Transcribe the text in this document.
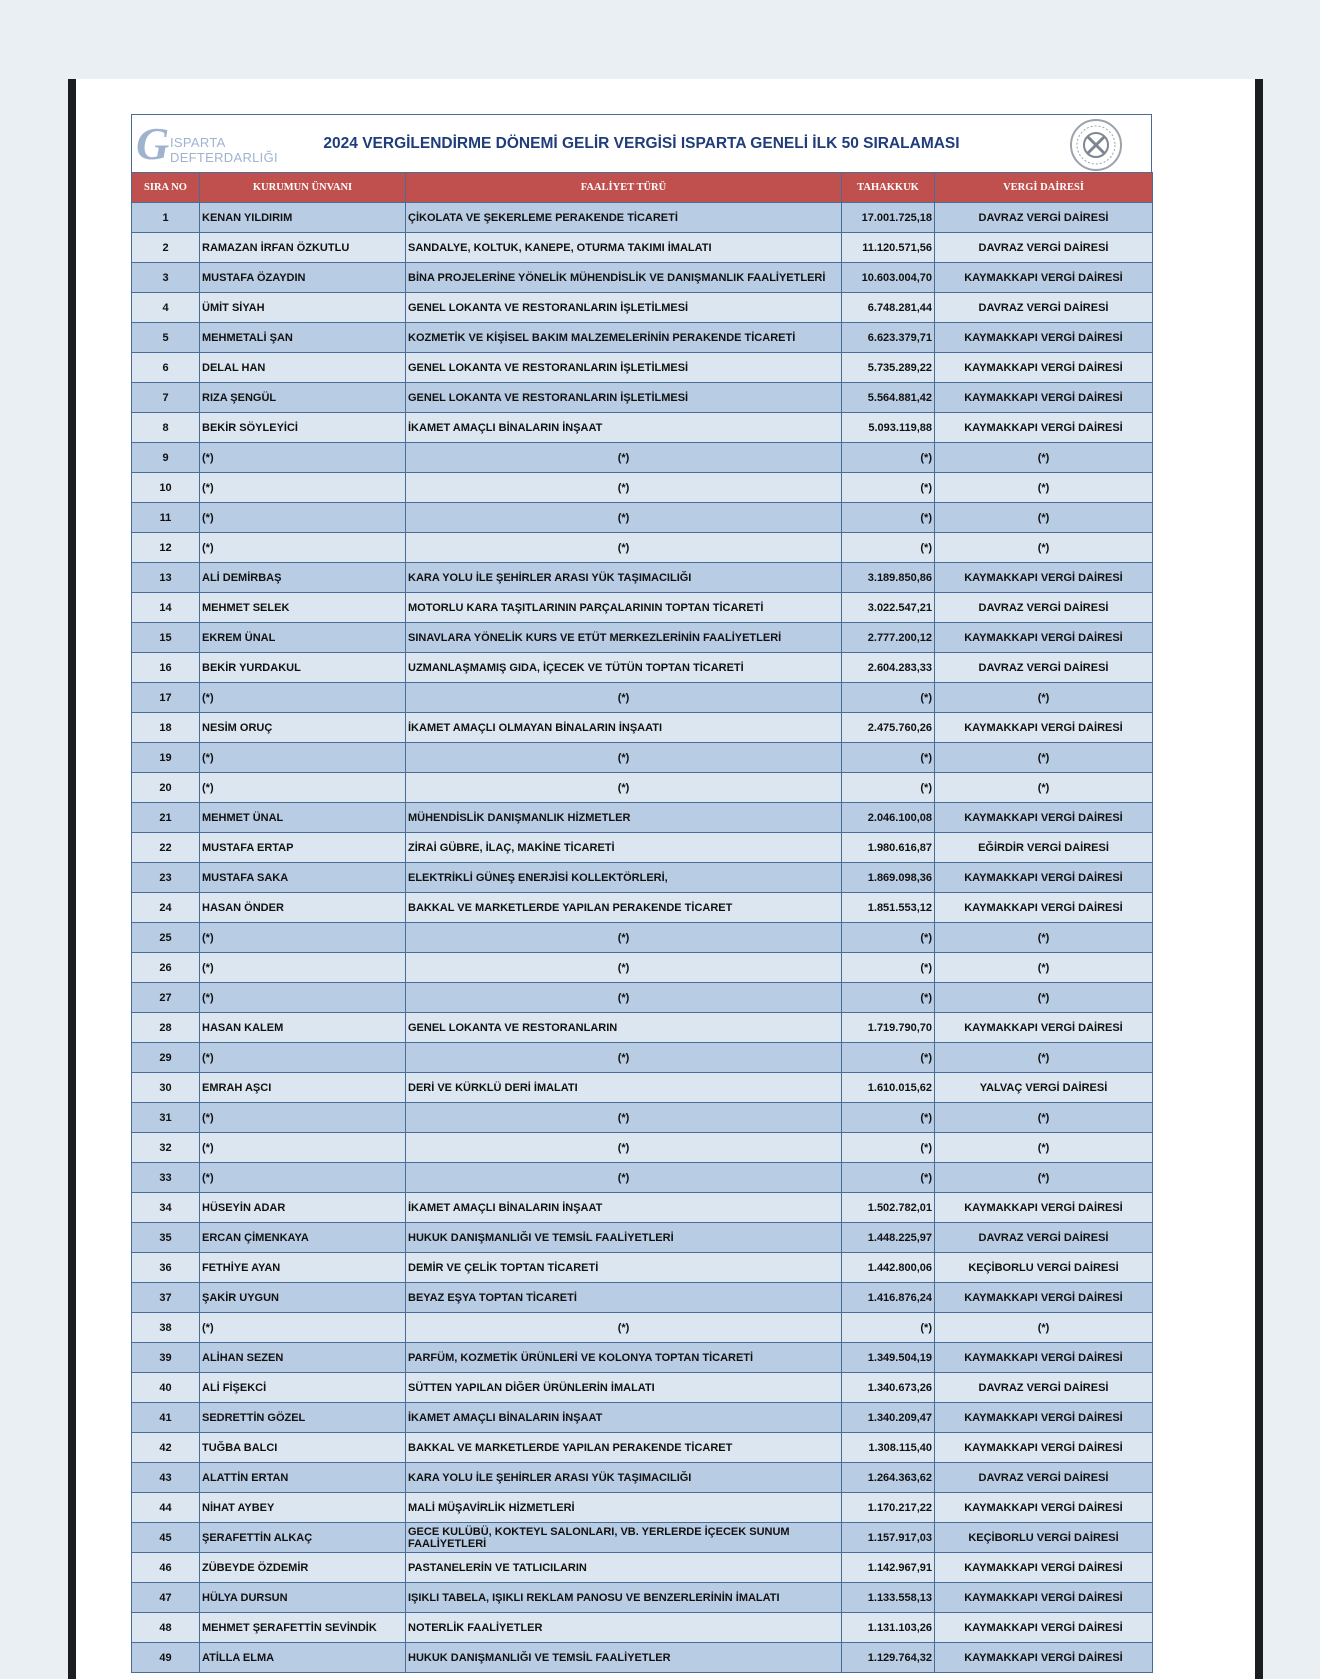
G ISPARTA
DEFTERDARLIĞI
2024 VERGİLENDİRME DÖNEMİ GELİR VERGİSİ ISPARTA GENELİ İLK 50 SIRALAMASI
SIRA NO	KURUMUN ÜNVANI	FAALİYET TÜRÜ	TAHAKKUK	VERGİ DAİRESİ
1	KENAN YILDIRIM	ÇİKOLATA VE ŞEKERLEME PERAKENDE TİCARETİ	17.001.725,18	DAVRAZ VERGİ DAİRESİ
2	RAMAZAN İRFAN ÖZKUTLU	SANDALYE, KOLTUK, KANEPE, OTURMA TAKIMI İMALATI	11.120.571,56	DAVRAZ VERGİ DAİRESİ
3	MUSTAFA ÖZAYDIN	BİNA PROJELERİNE YÖNELİK MÜHENDİSLİK VE DANIŞMANLIK FAALİYETLERİ	10.603.004,70	KAYMAKKAPI VERGİ DAİRESİ
4	ÜMİT SİYAH	GENEL LOKANTA VE RESTORANLARIN İŞLETİLMESİ	6.748.281,44	DAVRAZ VERGİ DAİRESİ
5	MEHMETALİ ŞAN	KOZMETİK VE KİŞİSEL BAKIM MALZEMELERİNİN PERAKENDE TİCARETİ	6.623.379,71	KAYMAKKAPI VERGİ DAİRESİ
6	DELAL HAN	GENEL LOKANTA VE RESTORANLARIN İŞLETİLMESİ	5.735.289,22	KAYMAKKAPI VERGİ DAİRESİ
7	RIZA ŞENGÜL	GENEL LOKANTA VE RESTORANLARIN İŞLETİLMESİ	5.564.881,42	KAYMAKKAPI VERGİ DAİRESİ
8	BEKİR SÖYLEYİCİ	İKAMET AMAÇLI BİNALARIN İNŞAAT	5.093.119,88	KAYMAKKAPI VERGİ DAİRESİ
9	(*)	(*)	(*)	(*)
10	(*)	(*)	(*)	(*)
11	(*)	(*)	(*)	(*)
12	(*)	(*)	(*)	(*)
13	ALİ DEMİRBAŞ	KARA YOLU İLE ŞEHİRLER ARASI YÜK TAŞIMACILIĞI	3.189.850,86	KAYMAKKAPI VERGİ DAİRESİ
14	MEHMET SELEK	MOTORLU KARA TAŞITLARININ PARÇALARININ TOPTAN TİCARETİ	3.022.547,21	DAVRAZ VERGİ DAİRESİ
15	EKREM ÜNAL	SINAVLARA YÖNELİK KURS VE ETÜT MERKEZLERİNİN FAALİYETLERİ	2.777.200,12	KAYMAKKAPI VERGİ DAİRESİ
16	BEKİR YURDAKUL	UZMANLAŞMAMIŞ GIDA, İÇECEK VE TÜTÜN TOPTAN TİCARETİ	2.604.283,33	DAVRAZ VERGİ DAİRESİ
17	(*)	(*)	(*)	(*)
18	NESİM ORUÇ	İKAMET AMAÇLI OLMAYAN BİNALARIN İNŞAATI	2.475.760,26	KAYMAKKAPI VERGİ DAİRESİ
19	(*)	(*)	(*)	(*)
20	(*)	(*)	(*)	(*)
21	MEHMET ÜNAL	MÜHENDİSLİK DANIŞMANLIK HİZMETLER	2.046.100,08	KAYMAKKAPI VERGİ DAİRESİ
22	MUSTAFA ERTAP	ZİRAİ GÜBRE, İLAÇ, MAKİNE TİCARETİ	1.980.616,87	EĞİRDİR VERGİ DAİRESİ
23	MUSTAFA SAKA	ELEKTRİKLİ GÜNEŞ ENERJİSİ KOLLEKTÖRLERİ,	1.869.098,36	KAYMAKKAPI VERGİ DAİRESİ
24	HASAN ÖNDER	BAKKAL VE MARKETLERDE YAPILAN PERAKENDE TİCARET	1.851.553,12	KAYMAKKAPI VERGİ DAİRESİ
25	(*)	(*)	(*)	(*)
26	(*)	(*)	(*)	(*)
27	(*)	(*)	(*)	(*)
28	HASAN KALEM	GENEL LOKANTA VE RESTORANLARIN	1.719.790,70	KAYMAKKAPI VERGİ DAİRESİ
29	(*)	(*)	(*)	(*)
30	EMRAH AŞCI	DERİ VE KÜRKLÜ DERİ İMALATI	1.610.015,62	YALVAÇ VERGİ DAİRESİ
31	(*)	(*)	(*)	(*)
32	(*)	(*)	(*)	(*)
33	(*)	(*)	(*)	(*)
34	HÜSEYİN ADAR	İKAMET AMAÇLI BİNALARIN İNŞAAT	1.502.782,01	KAYMAKKAPI VERGİ DAİRESİ
35	ERCAN ÇİMENKAYA	HUKUK DANIŞMANLIĞI VE TEMSİL FAALİYETLERİ	1.448.225,97	DAVRAZ VERGİ DAİRESİ
36	FETHİYE AYAN	DEMİR VE ÇELİK TOPTAN TİCARETİ	1.442.800,06	KEÇİBORLU VERGİ DAİRESİ
37	ŞAKİR UYGUN	BEYAZ EŞYA TOPTAN TİCARETİ	1.416.876,24	KAYMAKKAPI VERGİ DAİRESİ
38	(*)	(*)	(*)	(*)
39	ALİHAN SEZEN	PARFÜM, KOZMETİK ÜRÜNLERİ VE KOLONYA TOPTAN TİCARETİ	1.349.504,19	KAYMAKKAPI VERGİ DAİRESİ
40	ALİ FİŞEKCİ	SÜTTEN YAPILAN DİĞER ÜRÜNLERİN İMALATI	1.340.673,26	DAVRAZ VERGİ DAİRESİ
41	SEDRETTİN GÖZEL	İKAMET AMAÇLI BİNALARIN İNŞAAT	1.340.209,47	KAYMAKKAPI VERGİ DAİRESİ
42	TUĞBA BALCI	BAKKAL VE MARKETLERDE YAPILAN PERAKENDE TİCARET	1.308.115,40	KAYMAKKAPI VERGİ DAİRESİ
43	ALATTİN ERTAN	KARA YOLU İLE ŞEHİRLER ARASI YÜK TAŞIMACILIĞI	1.264.363,62	DAVRAZ VERGİ DAİRESİ
44	NİHAT AYBEY	MALİ MÜŞAVİRLİK HİZMETLERİ	1.170.217,22	KAYMAKKAPI VERGİ DAİRESİ
45	ŞERAFETTİN ALKAÇ	GECE KULÜBÜ, KOKTEYL SALONLARI, VB. YERLERDE İÇECEK SUNUM FAALİYETLERİ	1.157.917,03	KEÇİBORLU VERGİ DAİRESİ
46	ZÜBEYDE ÖZDEMİR	PASTANELERİN VE TATLICILARIN	1.142.967,91	KAYMAKKAPI VERGİ DAİRESİ
47	HÜLYA DURSUN	IŞIKLI TABELA, IŞIKLI REKLAM PANOSU VE BENZERLERİNİN İMALATI	1.133.558,13	KAYMAKKAPI VERGİ DAİRESİ
48	MEHMET ŞERAFETTİN SEVİNDİK	NOTERLİK FAALİYETLER	1.131.103,26	KAYMAKKAPI VERGİ DAİRESİ
49	ATİLLA ELMA	HUKUK DANIŞMANLIĞI VE TEMSİL FAALİYETLER	1.129.764,32	KAYMAKKAPI VERGİ DAİRESİ
